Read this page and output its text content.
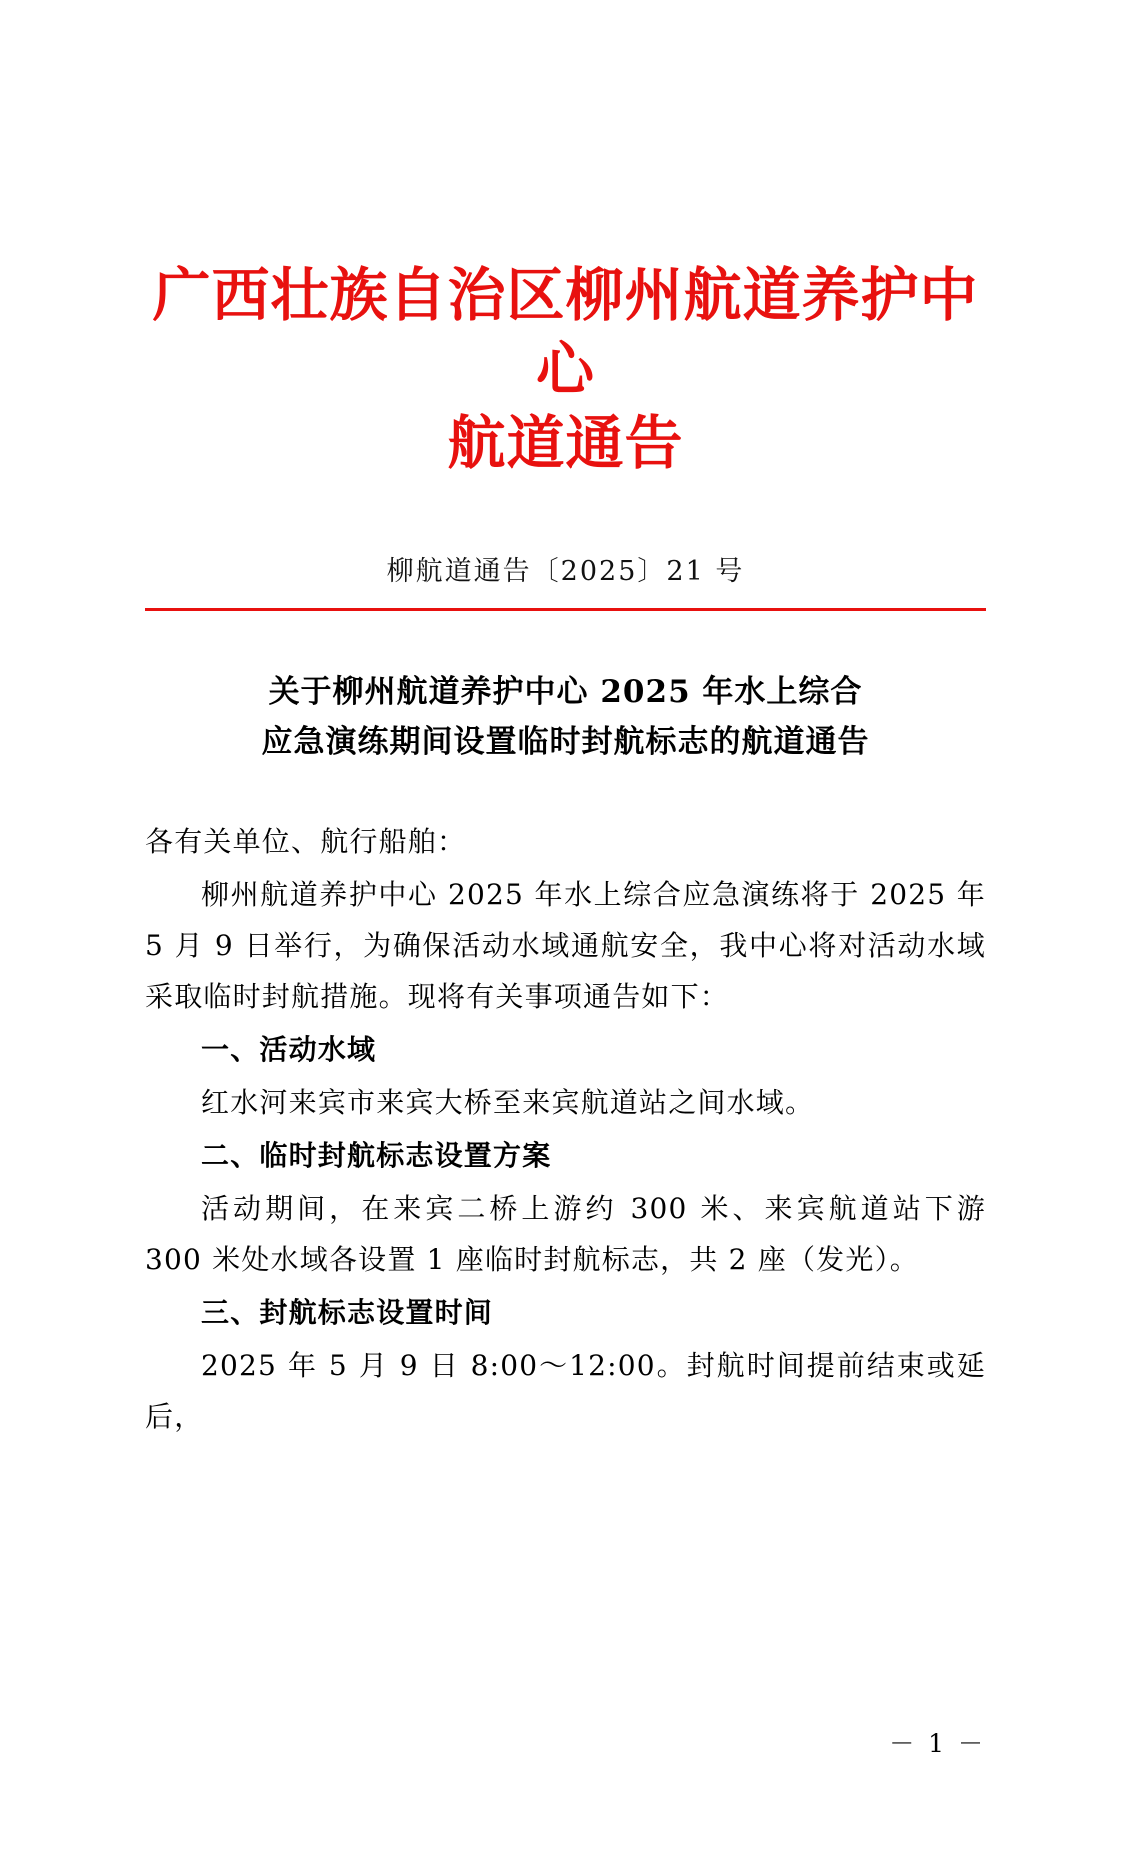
广西壮族自治区柳州航道养护中心
航道通告
柳航道通告〔2025〕21 号
关于柳州航道养护中心 2025 年水上综合
应急演练期间设置临时封航标志的航道通告

各有关单位、航行船舶：

柳州航道养护中心 2025 年水上综合应急演练将于 2025 年 5 月 9 日举行，为确保活动水域通航安全，我中心将对活动水域采取临时封航措施。现将有关事项通告如下：

一、活动水域

红水河来宾市来宾大桥至来宾航道站之间水域。

二、临时封航标志设置方案

活动期间，在来宾二桥上游约 300 米、来宾航道站下游 300 米处水域各设置 1 座临时封航标志，共 2 座（发光）。

三、封航标志设置时间

2025 年 5 月 9 日 8:00～12:00。封航时间提前结束或延后，

－ 1 －
